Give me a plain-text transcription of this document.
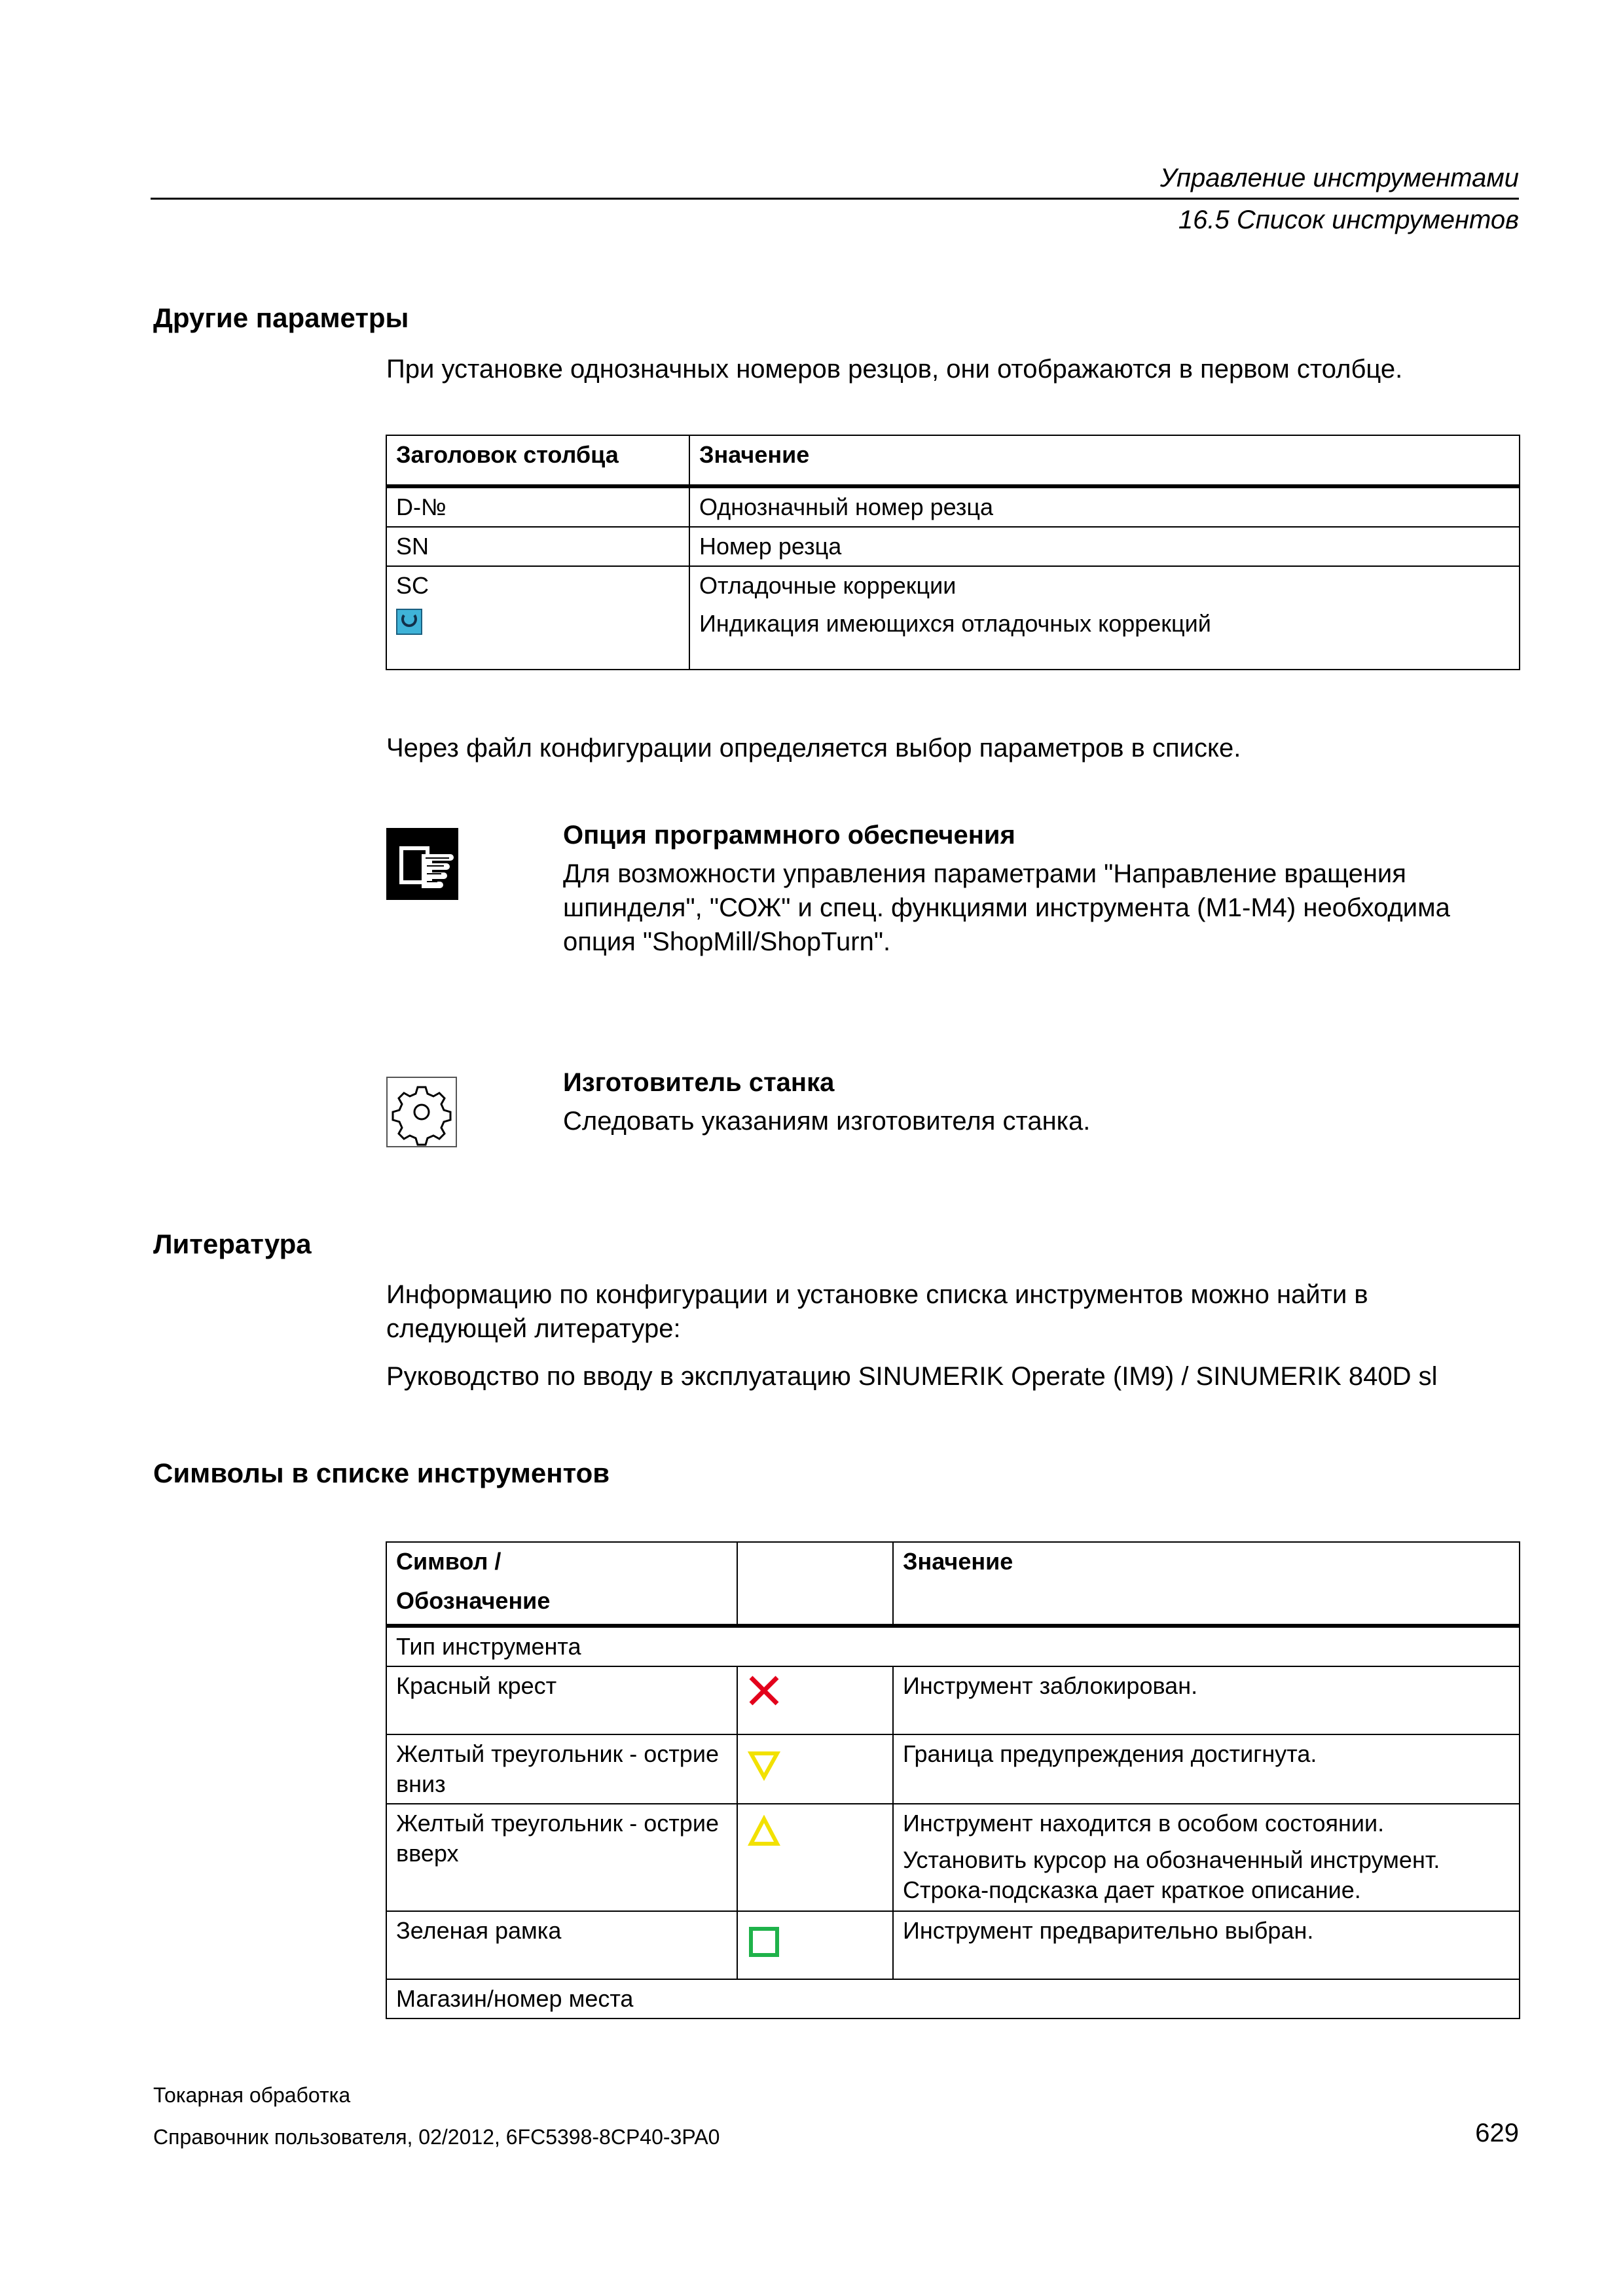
Управление инструментами
16.5 Список инструментов
Другие параметры
При установке однозначных номеров резцов, они отображаются в первом столбце.
Заголовок столбца	Значение
D-№	Однозначный номер резца
SN	Номер резца

SC	Отладочные коррекции
Индикация имеющихся отладочных коррекций
Через файл конфигурации определяется выбор параметров в списке.
Опция программного обеспечения
Для возможности управления параметрами "Направление вращения шпинделя", "СОЖ" и спец. функциями инструмента (M1-M4) необходима опция "ShopMill/ShopTurn".
Изготовитель станка
Следовать указаниям изготовителя станка.
Литература
Информацию по конфигурации и установке списка инструментов можно найти в следующей литературе:
Руководство по вводу в эксплуатацию SINUMERIK Operate (IM9) / SINUMERIK 840D sl
Символы в списке инструментов
Символ /
Обозначение		Значение
Тип инструмента		
Красный крест		Инструмент заблокирован.
Желтый треугольник - острие вниз		Граница предупреждения достигнута.
Желтый треугольник - острие вверх		Инструмент находится в особом состоянии.
Установить курсор на обозначенный инструмент. Строка-подсказка дает краткое описание.

Зеленая рамка		Инструмент предварительно выбран.
Магазин/номер места		
Токарная обработка
Справочник пользователя, 02/2012, 6FC5398-8CP40-3PA0	629
